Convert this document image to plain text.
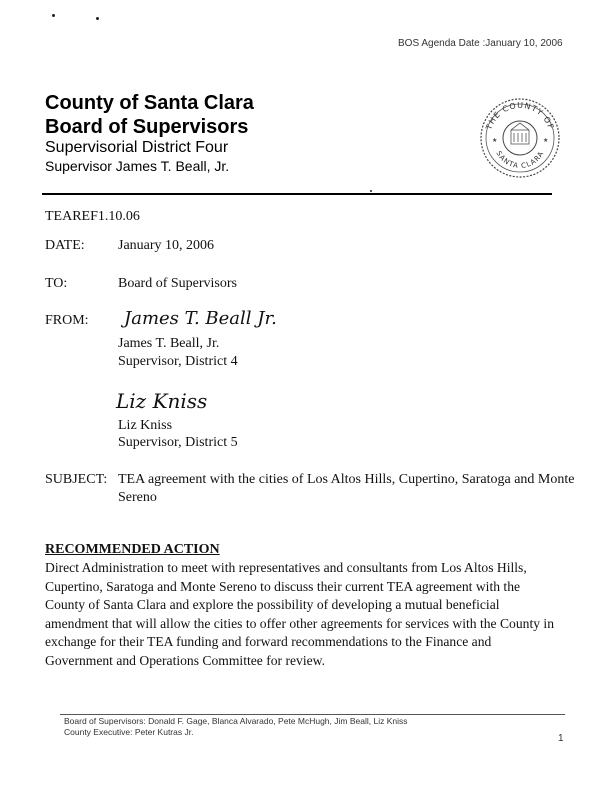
BOS Agenda Date :January 10, 2006
County of Santa Clara
Board of Supervisors
Supervisorial District Four
Supervisor James T. Beall, Jr.
THE COUNTY OF
SANTA CLARA
★	★
TEAREF1.10.06
DATE: January 10, 2006
TO:	Board of Supervisors
FROM: James T. Beall Jr.
James T. Beall, Jr.
Supervisor, District 4
Liz Kniss
Liz Kniss
Supervisor, District 5
SUBJECT: TEA agreement with the cities of Los Altos Hills, Cupertino, Saratoga and Monte
Sereno
RECOMMENDED ACTION
Direct Administration to meet with representatives and consultants from Los Altos Hills,
Cupertino, Saratoga and Monte Sereno to discuss their current TEA agreement with the
County of Santa Clara and explore the possibility of developing a mutual beneficial
amendment that will allow the cities to offer other agreements for services with the County in
exchange for their TEA funding and forward recommendations to the Finance and
Government and Operations Committee for review.
Board of Supervisors: Donald F. Gage, Blanca Alvarado, Pete McHugh, Jim Beall, Liz Kniss
County Executive: Peter Kutras Jr.
1
